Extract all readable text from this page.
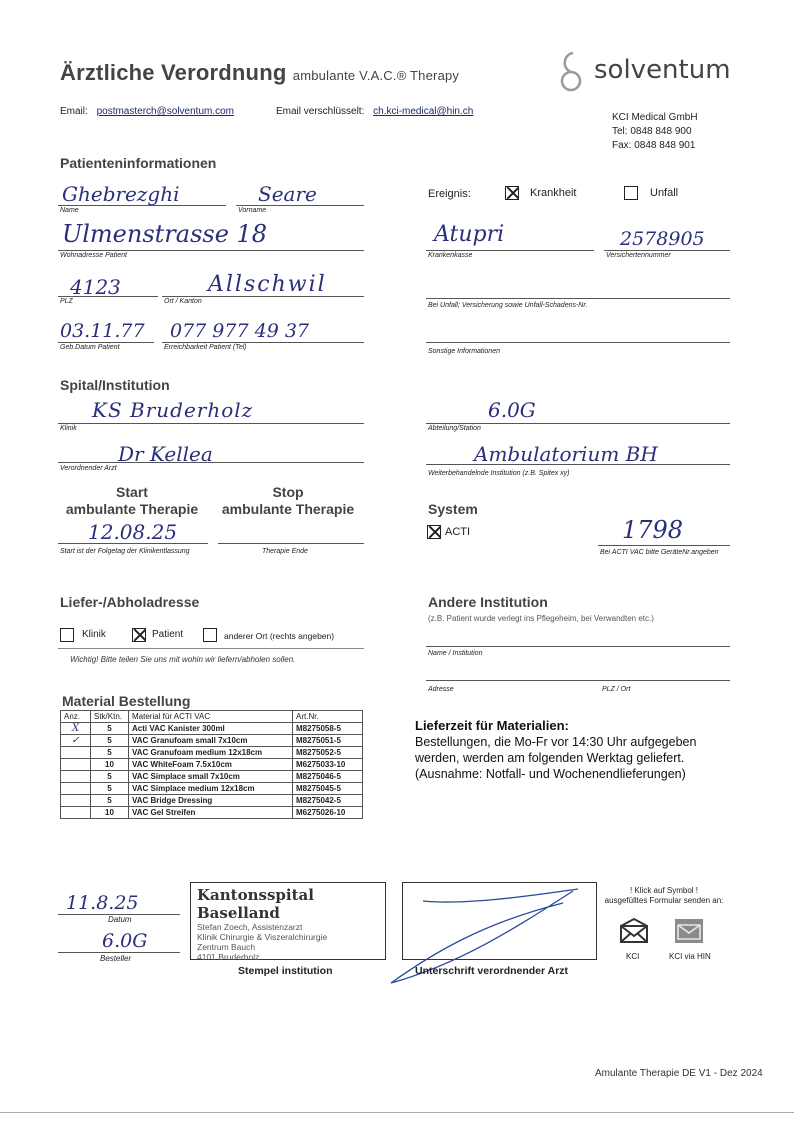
Ärztliche Verordnung ambulante V.A.C.® Therapy	solventum
Email: postmasterch@solventum.com	Email verschlüsselt: ch.kci-medical@hin.ch
KCI Medical GmbH
Tel: 0848 848 900
Fax: 0848 848 901
Patienteninformationen
Ghebrezghi
Name
Seare
Vorname
Ulmenstrasse 18
Wohnadresse Patient
4123
PLZ
Allschwil
Ort / Kanton
03.11.77
Geb.Datum Patient
077 977 49 37
Erreichbarkeit Patient (Tel)
Ereignis:	Krankheit	Unfall
Atupri
Krankenkasse
2578905
Versichertennummer
Bei Unfall; Versicherung sowie Unfall-Schadens-Nr.
Sonstige Informationen
Spital/Institution
KS Bruderholz
Klinik
6.0G
Abteilung/Station
Dr Kellea
Verordnender Arzt
Ambulatorium BH
Weiterbehandelnde Institution (z.B. Spitex xy)
Start
ambulante Therapie
Stop
ambulante Therapie
12.08.25
Start ist der Folgetag der Klinikentlassung	Therapie Ende
System
ACTI	1798
Bei ACTI VAC bitte GeräteNr.angeben
Liefer-/Abholadresse
Klinik	Patient	anderer Ort (rechts angeben)
Wichtig! Bitte teilen Sie uns mit wohin wir liefern/abholen sollen.
Andere Institution
(z.B. Patient wurde verlegt ins Pflegeheim, bei Verwandten etc.)
Name / Institution
Adresse	PLZ / Ort
Material Bestellung
Anz.	Stk/Ktn.	Material für ACTI VAC	Art.Nr.
X	5	Acti VAC Kanister 300ml	M8275058-5
✓	5	VAC Granufoam small 7x10cm	M8275051-5
	5	VAC Granufoam medium 12x18cm	M8275052-5
	10	VAC WhiteFoam 7.5x10cm	M6275033-10
	5	VAC Simplace small 7x10cm	M8275046-5
	5	VAC Simplace medium 12x18cm	M8275045-5
	5	VAC Bridge Dressing	M8275042-5
	10	VAC Gel Streifen	M6275026-10
Lieferzeit für Materialien:
Bestellungen, die Mo-Fr vor 14:30 Uhr aufgegeben
werden, werden am folgenden Werktag geliefert.
(Ausnahme: Notfall- und Wochenendlieferungen)
11.8.25
Datum
6.0G
Besteller
Kantonsspital Baselland
Stefan Zoech, Assistenzarzt
Klinik Chirurgie & Viszeralchirurgie
Zentrum Bauch
4101 Bruderholz
Stempel institution	Unterschrift verordnender Arzt
! Klick auf Symbol !
ausgefülltes Formular senden an:
KCI	KCI via HIN
Amulante Therapie DE V1 - Dez 2024
